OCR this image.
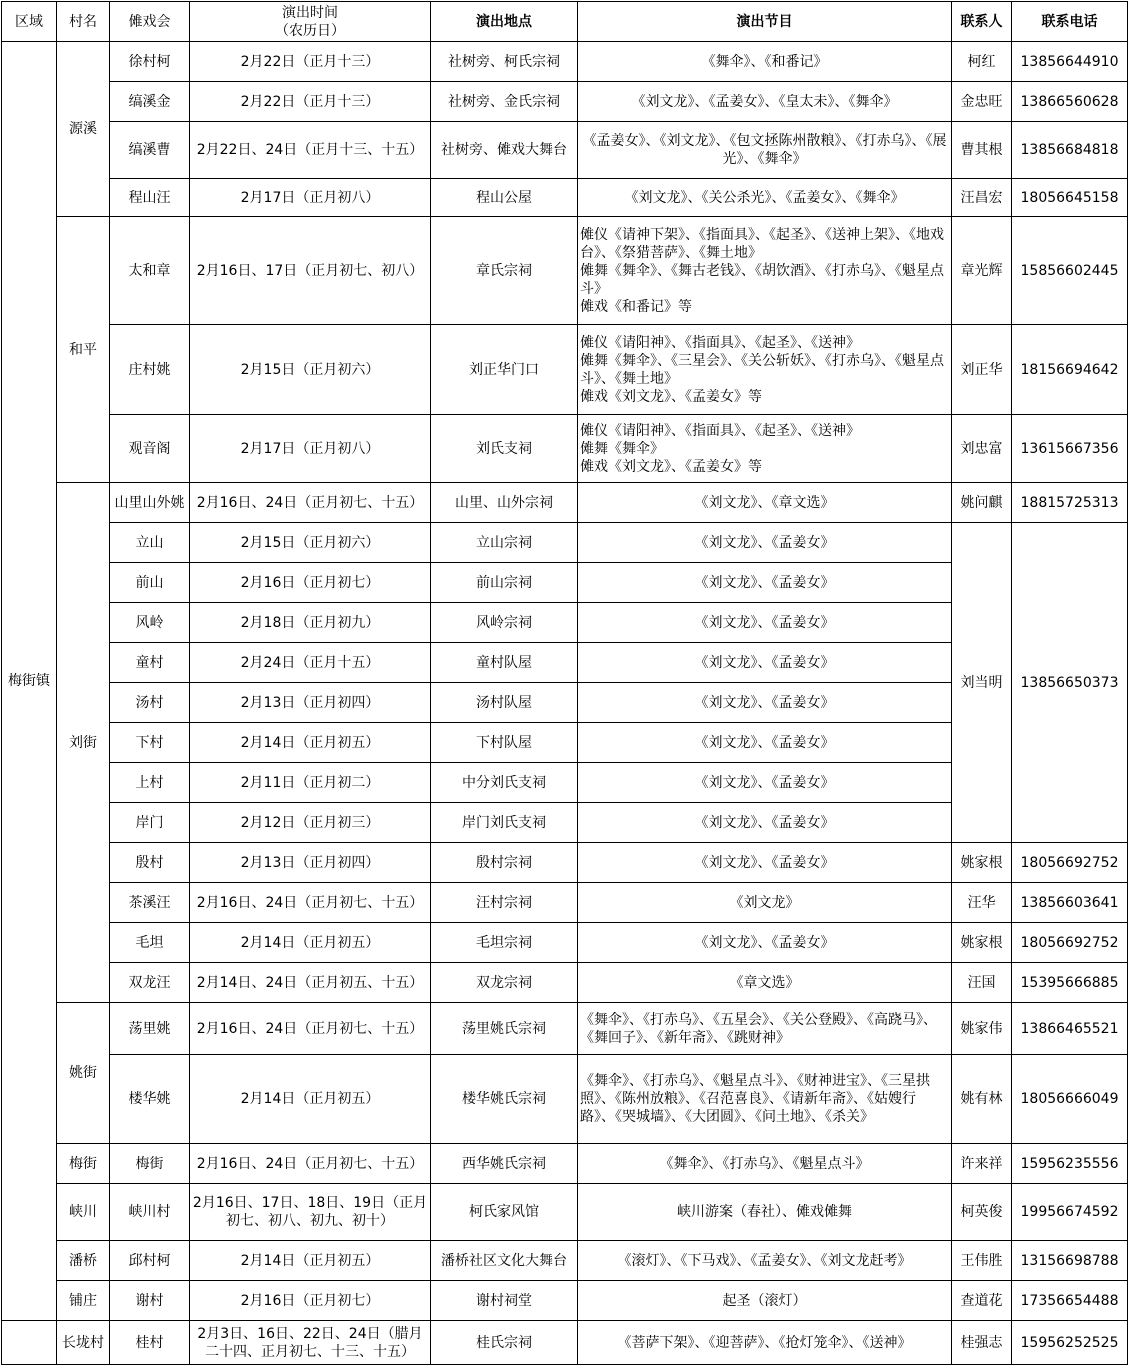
区域	村名	傩戏会	演出时间
（农历日）	演出地点	演出节目	联系人	联系电话
梅街镇	源溪	徐村柯	2月22日（正月十三）	社树旁、柯氏宗祠	《舞伞》、《和番记》	柯红	13856644910
		缟溪金	2月22日（正月十三）	社树旁、金氏宗祠	《刘文龙》、《孟姜女》、《皇太未》、《舞伞》	金忠旺	13866560628
		缟溪曹	2月22日、24日（正月十三、十五）	社树旁、傩戏大舞台	《孟姜女》、《刘文龙》、《包文拯陈州散粮》、《打赤乌》、《展光》、《舞伞》	曹其根	13856684818
		程山汪	2月17日（正月初八）	程山公屋	《刘文龙》、《关公杀光》、《孟姜女》、《舞伞》	汪昌宏	18056645158
	和平	太和章	2月16日、17日（正月初七、初八）	章氏宗祠	傩仪《请神下架》、《指面具》、《起圣》、《送神上架》、《地戏台》、《祭猎菩萨》、《舞土地》
傩舞《舞伞》、《舞古老钱》、《胡饮酒》、《打赤乌》、《魁星点斗》
傩戏《和番记》等	章光辉	15856602445
		庄村姚	2月15日（正月初六）	刘正华门口	傩仪《请阳神》、《指面具》、《起圣》、《送神》
傩舞《舞伞》、《三星会》、《关公斩妖》、《打赤乌》、《魁星点斗》、《舞土地》
傩戏《刘文龙》、《孟姜女》等	刘正华	18156694642
		观音阁	2月17日（正月初八）	刘氏支祠	傩仪《请阳神》、《指面具》、《起圣》、《送神》
傩舞《舞伞》
傩戏《刘文龙》、《孟姜女》等	刘忠富	13615667356
	刘街	山里山外姚	2月16日、24日（正月初七、十五）	山里、山外宗祠	《刘文龙》、《章文选》	姚问麒	18815725313
		立山	2月15日（正月初六）	立山宗祠	《刘文龙》、《孟姜女》	刘当明	13856650373
		前山	2月16日（正月初七）	前山宗祠	《刘文龙》、《孟姜女》		
		风岭	2月18日（正月初九）	风岭宗祠	《刘文龙》、《孟姜女》		
		童村	2月24日（正月十五）	童村队屋	《刘文龙》、《孟姜女》		
		汤村	2月13日（正月初四）	汤村队屋	《刘文龙》、《孟姜女》		
		下村	2月14日（正月初五）	下村队屋	《刘文龙》、《孟姜女》		
		上村	2月11日（正月初二）	中分刘氏支祠	《刘文龙》、《孟姜女》		
		岸门	2月12日（正月初三）	岸门刘氏支祠	《刘文龙》、《孟姜女》		
		殷村	2月13日（正月初四）	殷村宗祠	《刘文龙》、《孟姜女》	姚家根	18056692752
		茶溪汪	2月16日、24日（正月初七、十五）	汪村宗祠	《刘文龙》	汪华	13856603641
		毛坦	2月14日（正月初五）	毛坦宗祠	《刘文龙》、《孟姜女》	姚家根	18056692752
		双龙汪	2月14日、24日（正月初五、十五）	双龙宗祠	《章文选》	汪国	15395666885
	姚街	荡里姚	2月16日、24日（正月初七、十五）	荡里姚氏宗祠	《舞伞》、《打赤乌》、《五星会》、《关公登殿》、《高跷马》、《舞回子》、《新年斋》、《跳财神》	姚家伟	13866465521
		楼华姚	2月14日（正月初五）	楼华姚氏宗祠	《舞伞》、《打赤乌》、《魁星点斗》、《财神进宝》、《三星拱照》、《陈州放粮》、《召范喜良》、《请新年斋》、《姑嫂行路》、《哭城墙》、《大团圆》、《问土地》、《杀关》	姚有林	18056666049
	梅街	梅街	2月16日、24日（正月初七、十五）	西华姚氏宗祠	《舞伞》、《打赤乌》、《魁星点斗》	许来祥	15956235556
	峡川	峡川村	2月16日、17日、18日、19日（正月初七、初八、初九、初十）	柯氏家风馆	峡川游案（春社）、傩戏傩舞	柯英俊	19956674592
	潘桥	邱村柯	2月14日（正月初五）	潘桥社区文化大舞台	《滚灯》、《下马戏》、《孟姜女》、《刘文龙赶考》	王伟胜	13156698788
	铺庄	谢村	2月16日（正月初七）	谢村祠堂	起圣（滚灯）	查道花	17356654488
	长垅村	桂村	2月3日、16日、22日、24日（腊月二十四、正月初七、十三、十五）	桂氏宗祠	《菩萨下架》、《迎菩萨》、《抢灯笼伞》、《送神》	桂强志	15956252525
